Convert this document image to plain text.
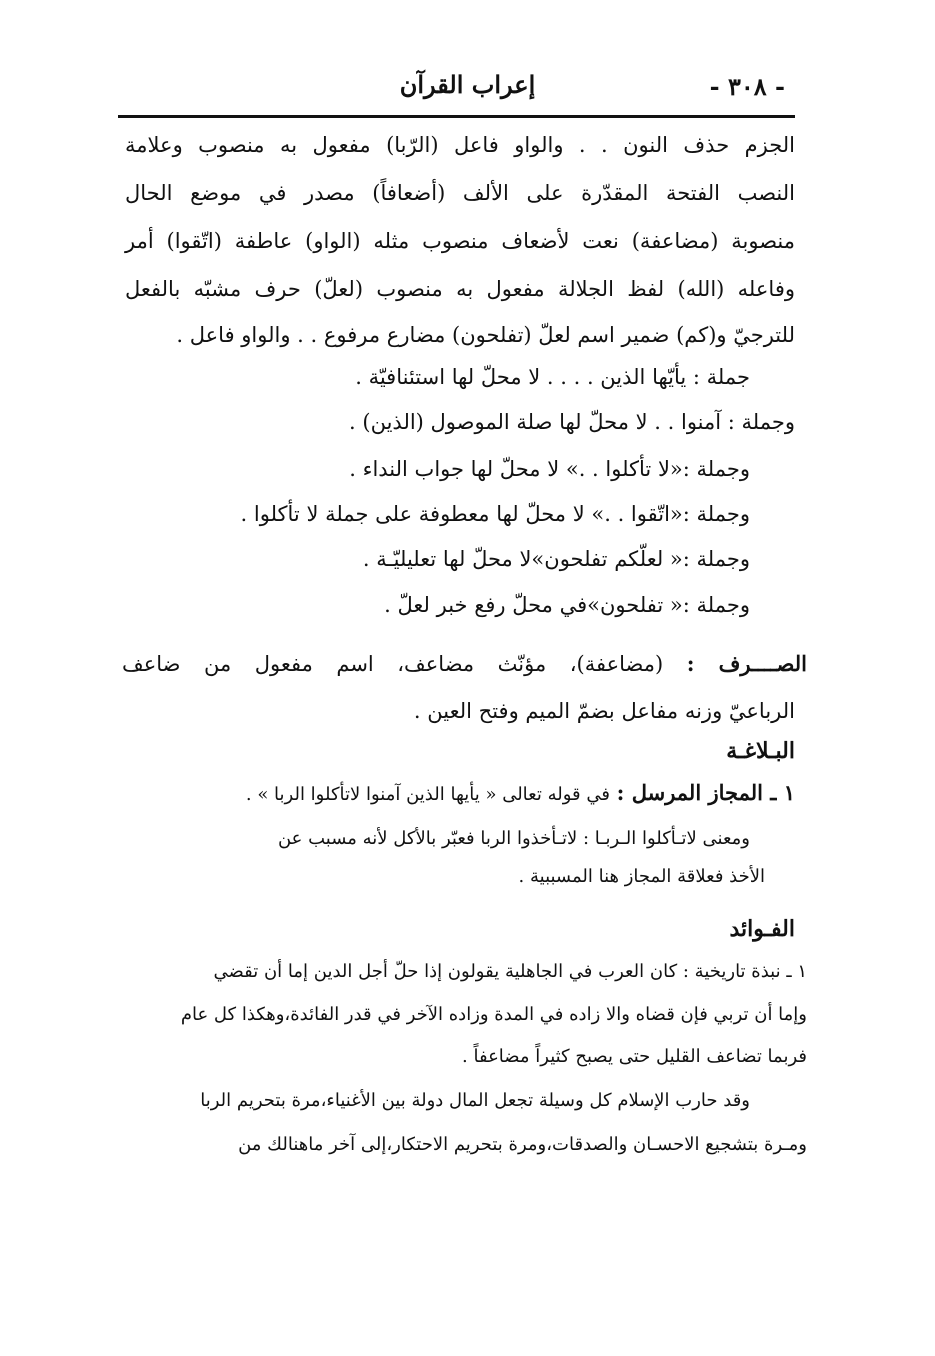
- ٣٠٨ -
إعراب القرآن

الجزم حذف النون . . والواو فاعل (الرّبا) مفعول به منصوب وعلامة

النصب الفتحة المقدّرة على الألف (أضعافاً) مصدر في موضع الحال

منصوبة (مضاعفة) نعت لأضعاف منصوب مثله (الواو) عاطفة (اتّقوا) أمر

وفاعله (الله) لفظ الجلالة مفعول به منصوب (لعلّ) حرف مشبّه بالفعل

للترجيّ و(كم) ضمير اسم لعلّ (تفلحون) مضارع مرفوع . . والواو فاعل .

جملة : يأيّها الذين . . . . لا محلّ لها استئنافيّة .

وجملة : آمنوا . . لا محلّ لها صلة الموصول (الذين) .

وجملة :«لا تأكلوا . .» لا محلّ لها جواب النداء .

وجملة :«اتّقوا . .» لا محلّ لها معطوفة على جملة لا تأكلوا .

وجملة :« لعلّكم تفلحون»لا محلّ لها تعليليّـة .

وجملة :« تفلحون»في محلّ رفع خبر لعلّ .

الصــــرف : (مضاعفة)، مؤنّث مضاعف، اسم مفعول من ضاعف

الرباعيّ وزنه مفاعل بضمّ الميم وفتح العين .

البـلاغـة

١ ـ المجاز المرسل : في قوله تعالى « يأيها الذين آمنوا لاتأكلوا الربا » .

ومعنى لاتـأكلوا الـربـا : لاتـأخذوا الربا فعبّر بالأكل لأنه مسبب عن

الأخذ فعلاقة المجاز هنا المسببية .

الفـوائد

١ ـ نبذة تاريخية : كان العرب في الجاهلية يقولون إذا حلّ أجل الدين إما أن تقضي

وإما أن تربي فإن قضاه والا زاده في المدة وزاده الآخر في قدر الفائدة،وهكذا كل عام

فربما تضاعف القليل حتى يصبح كثيراً مضاعفاً .

وقد حارب الإسلام كل وسيلة تجعل المال دولة بين الأغنياء،مرة بتحريم الربا

ومـرة بتشجيع الاحسـان والصدقات،ومرة بتحريم الاحتكار،إلى آخر ماهنالك من
